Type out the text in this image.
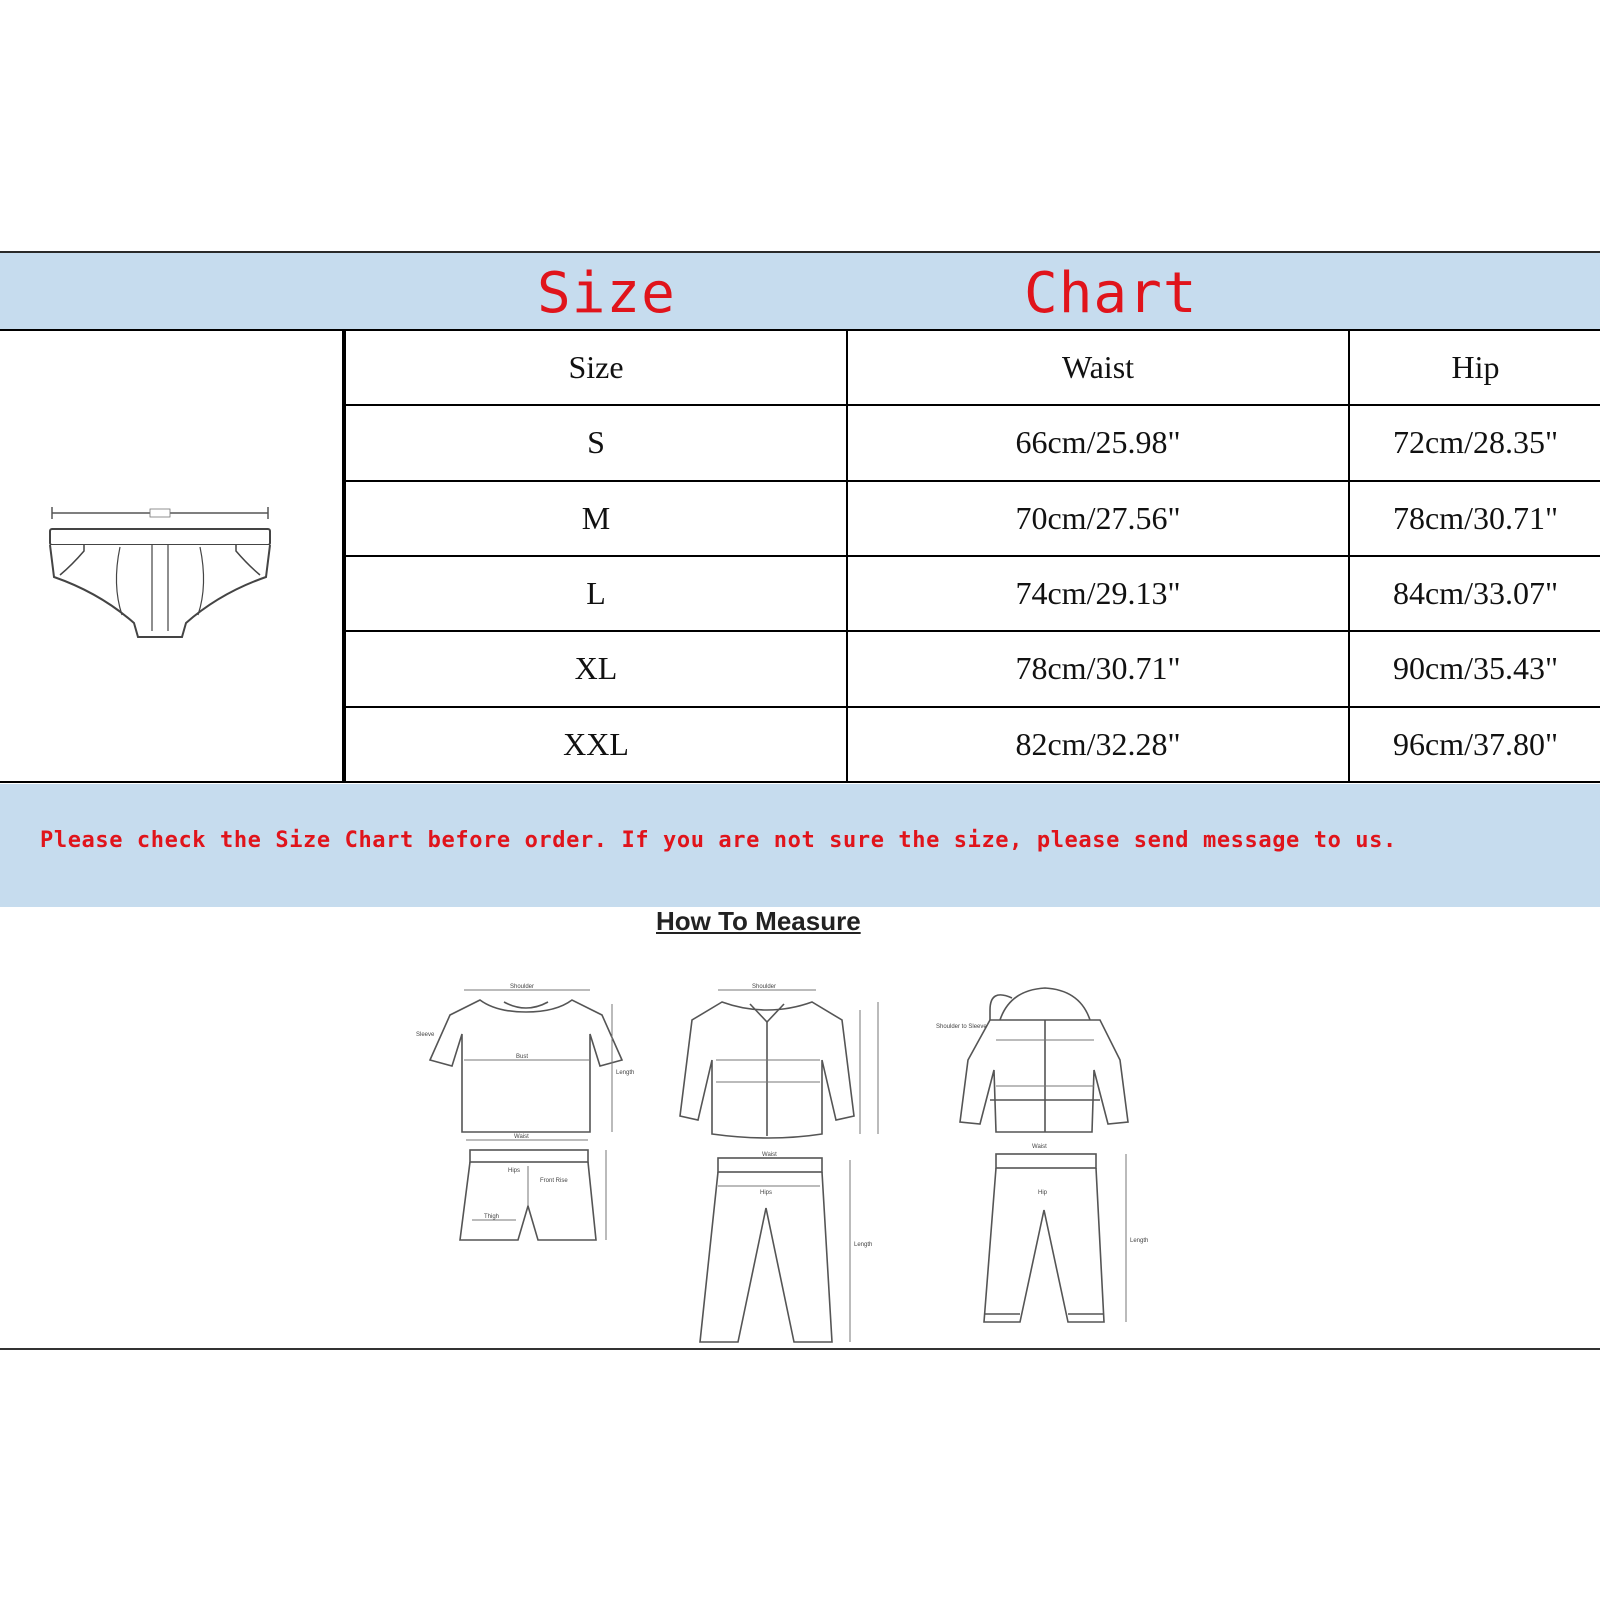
Size	Chart
Size	Waist	Hip
S	66cm/25.98"	72cm/28.35"
M	70cm/27.56"	78cm/30.71"
L	74cm/29.13"	84cm/33.07"
XL	78cm/30.71"	90cm/35.43"
XXL	82cm/32.28"	96cm/37.80"
Please check the Size Chart before order. If you are not sure the size, please send message to us.
How To Measure
Shoulder
Sleeve
Bust
Length
Waist
Hips
Front Rise
Thigh
Shoulder
Waist
Hips
Length
Shoulder to Sleeve
Waist
Hip
Length
